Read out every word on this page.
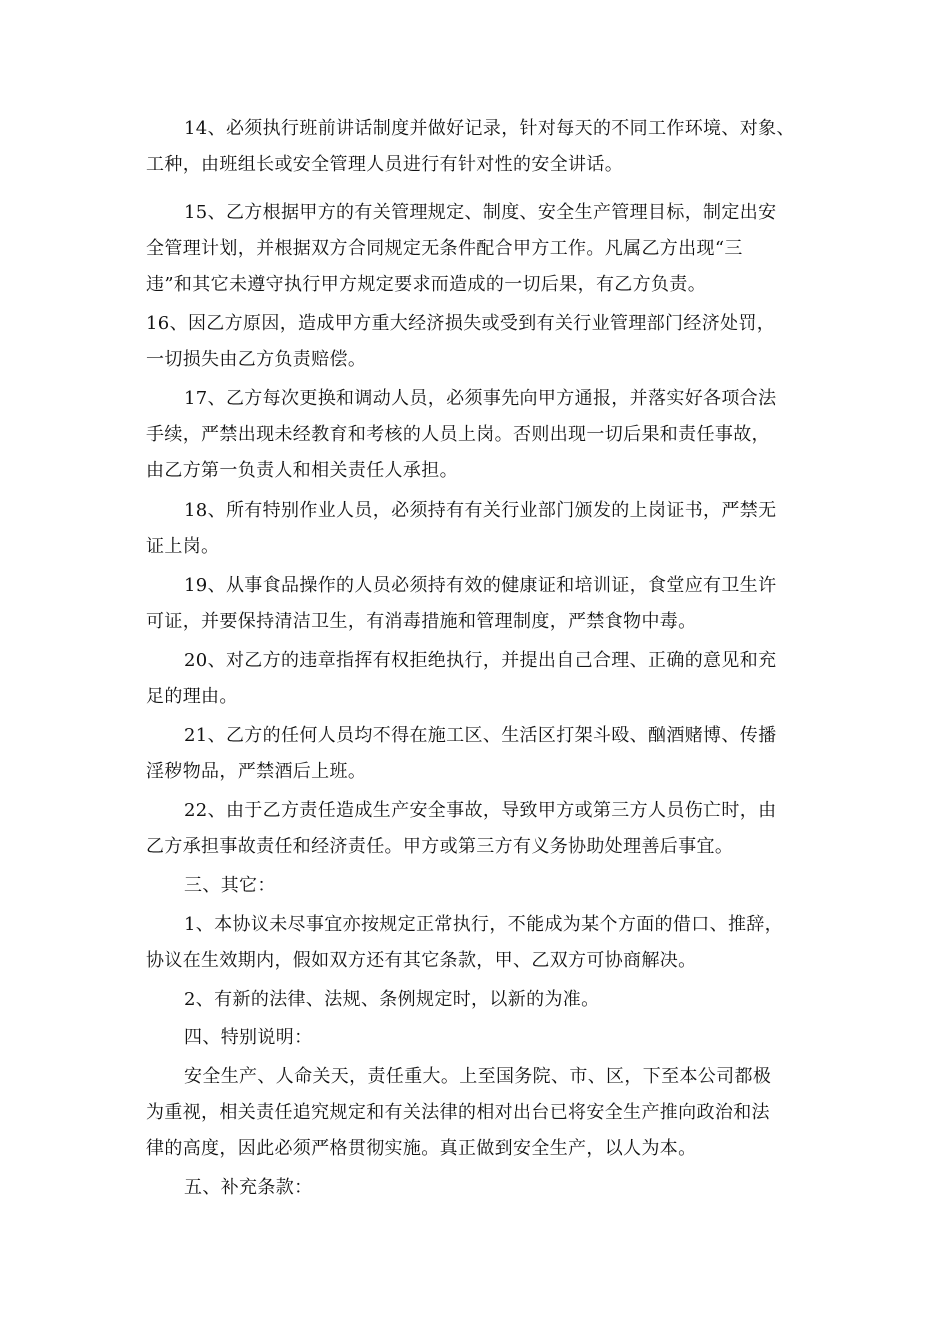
14、必须执行班前讲话制度并做好记录，针对每天的不同工作环境、对象、
工种，由班组长或安全管理人员进行有针对性的安全讲话。
15、乙方根据甲方的有关管理规定、制度、安全生产管理目标，制定出安
全管理计划，并根据双方合同规定无条件配合甲方工作。凡属乙方出现“三
违”和其它未遵守执行甲方规定要求而造成的一切后果，有乙方负责。
16、因乙方原因，造成甲方重大经济损失或受到有关行业管理部门经济处罚，
一切损失由乙方负责赔偿。
17、乙方每次更换和调动人员，必须事先向甲方通报，并落实好各项合法
手续，严禁出现未经教育和考核的人员上岗。否则出现一切后果和责任事故，
由乙方第一负责人和相关责任人承担。
18、所有特别作业人员，必须持有有关行业部门颁发的上岗证书，严禁无
证上岗。
19、从事食品操作的人员必须持有效的健康证和培训证，食堂应有卫生许
可证，并要保持清洁卫生，有消毒措施和管理制度，严禁食物中毒。
20、对乙方的违章指挥有权拒绝执行，并提出自己合理、正确的意见和充
足的理由。
21、乙方的任何人员均不得在施工区、生活区打架斗殴、酗酒赌博、传播
淫秽物品，严禁酒后上班。
22、由于乙方责任造成生产安全事故，导致甲方或第三方人员伤亡时，由
乙方承担事故责任和经济责任。甲方或第三方有义务协助处理善后事宜。
三、其它：
1、本协议未尽事宜亦按规定正常执行，不能成为某个方面的借口、推辞，
协议在生效期内，假如双方还有其它条款，甲、乙双方可协商解决。
2、有新的法律、法规、条例规定时，以新的为准。
四、特别说明：
安全生产、人命关天，责任重大。上至国务院、市、区，下至本公司都极
为重视，相关责任追究规定和有关法律的相对出台已将安全生产推向政治和法
律的高度，因此必须严格贯彻实施。真正做到安全生产，以人为本。
五、补充条款：
